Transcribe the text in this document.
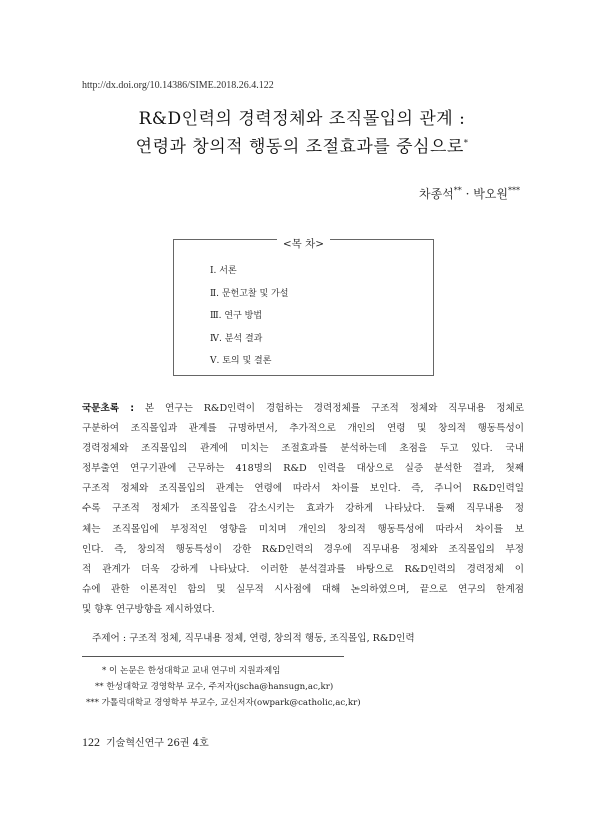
http://dx.doi.org/10.14386/SIME.2018.26.4.122
R&D인력의 경력정체와 조직몰입의 관계 :
연령과 창의적 행동의 조절효과를 중심으로*
차종석** · 박오원***
<목 차>
Ⅰ. 서론
Ⅱ. 문헌고찰 및 가설
Ⅲ. 연구 방법
Ⅳ. 분석 결과
Ⅴ. 토의 및 결론

국문초록 : 본 연구는 R&D인력이 경험하는 경력정체를 구조적 정체와 직무내용 정체로

구분하여 조직몰입과 관계를 규명하면서, 추가적으로 개인의 연령 및 창의적 행동특성이

경력정체와 조직몰입의 관계에 미치는 조절효과를 분석하는데 초점을 두고 있다. 국내

정부출연 연구기관에 근무하는 418명의 R&D 인력을 대상으로 실증 분석한 결과, 첫째

구조적 정체와 조직몰입의 관계는 연령에 따라서 차이를 보인다. 즉, 주니어 R&D인력일

수록 구조적 정체가 조직몰입을 감소시키는 효과가 강하게 나타났다. 둘째 직무내용 정

체는 조직몰입에 부정적인 영향을 미치며 개인의 창의적 행동특성에 따라서 차이를 보

인다. 즉, 창의적 행동특성이 강한 R&D인력의 경우에 직무내용 정체와 조직몰입의 부정

적 관계가 더욱 강하게 나타났다. 이러한 분석결과를 바탕으로 R&D인력의 경력정체 이

슈에 관한 이론적인 함의 및 실무적 시사점에 대해 논의하였으며, 끝으로 연구의 한계점

및 향후 연구방향을 제시하였다.

주제어 : 구조적 정체, 직무내용 정체, 연령, 창의적 행동, 조직몰입, R&D인력
* 이 논문은 한성대학교 교내 연구비 지원과제임
** 한성대학교 경영학부 교수, 주저자(jscha@hansugn,ac,kr)
*** 가톨릭대학교 경영학부 부교수, 교신저자(owpark@catholic,ac,kr)
122 기술혁신연구 26권 4호
